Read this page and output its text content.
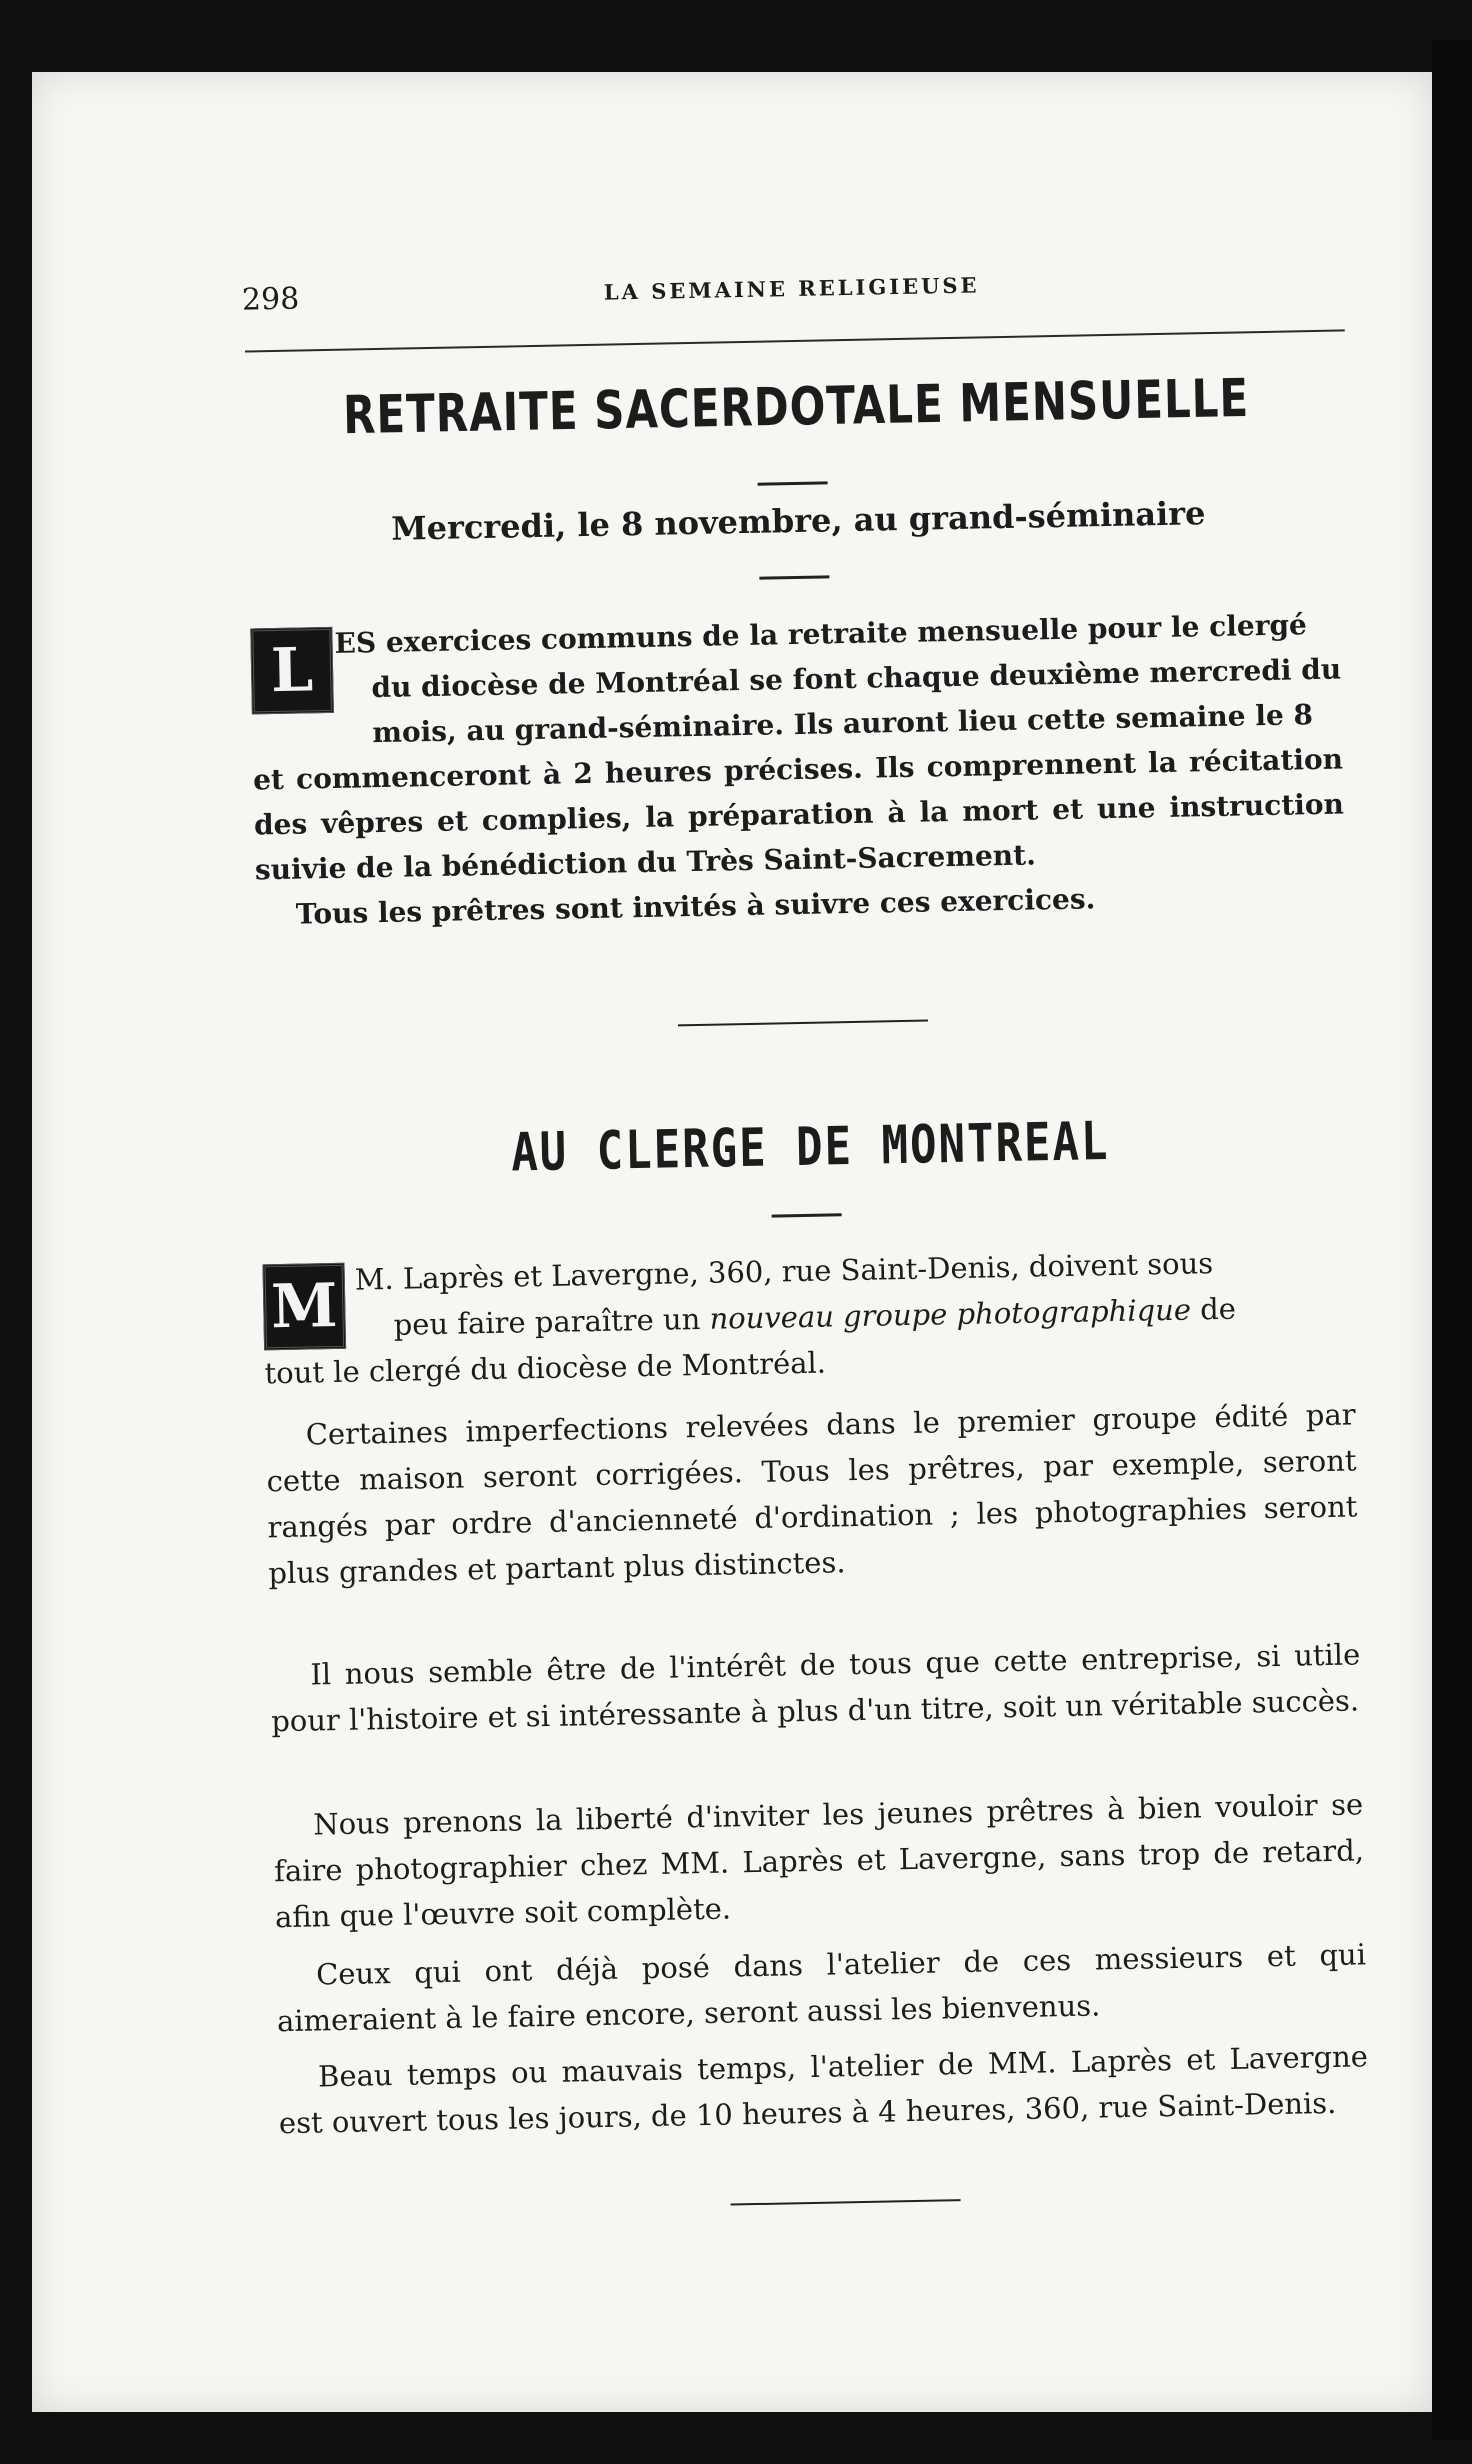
298	LA SEMAINE RELIGIEUSE
RETRAITE SACERDOTALE MENSUELLE
Mercredi, le 8 novembre, au grand-séminaire
L
ES exercices communs de la retraite mensuelle pour le clergé
du diocèse de Montréal se font chaque deuxième mercredi du
mois, au grand-séminaire. Ils auront lieu cette semaine le 8
et commenceront à 2 heures précises. Ils comprennent la récitation des vêpres et complies, la préparation à la mort et une instruction suivie de la bénédiction du Très Saint-Sacrement.
Tous les prêtres sont invités à suivre ces exercices.
AU CLERGE DE MONTREAL
M M. Laprès et Lavergne, 360, rue Saint-Denis, doivent sous
peu faire paraître un nouveau groupe photographique de
tout le clergé du diocèse de Montréal.
Certaines imperfections relevées dans le premier groupe édité par cette maison seront corrigées. Tous les prêtres, par exemple, seront rangés par ordre d'ancienneté d'ordination ; les photographies seront plus grandes et partant plus distinctes.
Il nous semble être de l'intérêt de tous que cette entreprise, si utile pour l'histoire et si intéressante à plus d'un titre, soit un véritable succès.
Nous prenons la liberté d'inviter les jeunes prêtres à bien vouloir se faire photographier chez MM. Laprès et Lavergne, sans trop de retard, afin que l'œuvre soit complète.
Ceux qui ont déjà posé dans l'atelier de ces messieurs et qui aimeraient à le faire encore, seront aussi les bienvenus.
Beau temps ou mauvais temps, l'atelier de MM. Laprès et Lavergne est ouvert tous les jours, de 10 heures à 4 heures, 360, rue Saint-Denis.
